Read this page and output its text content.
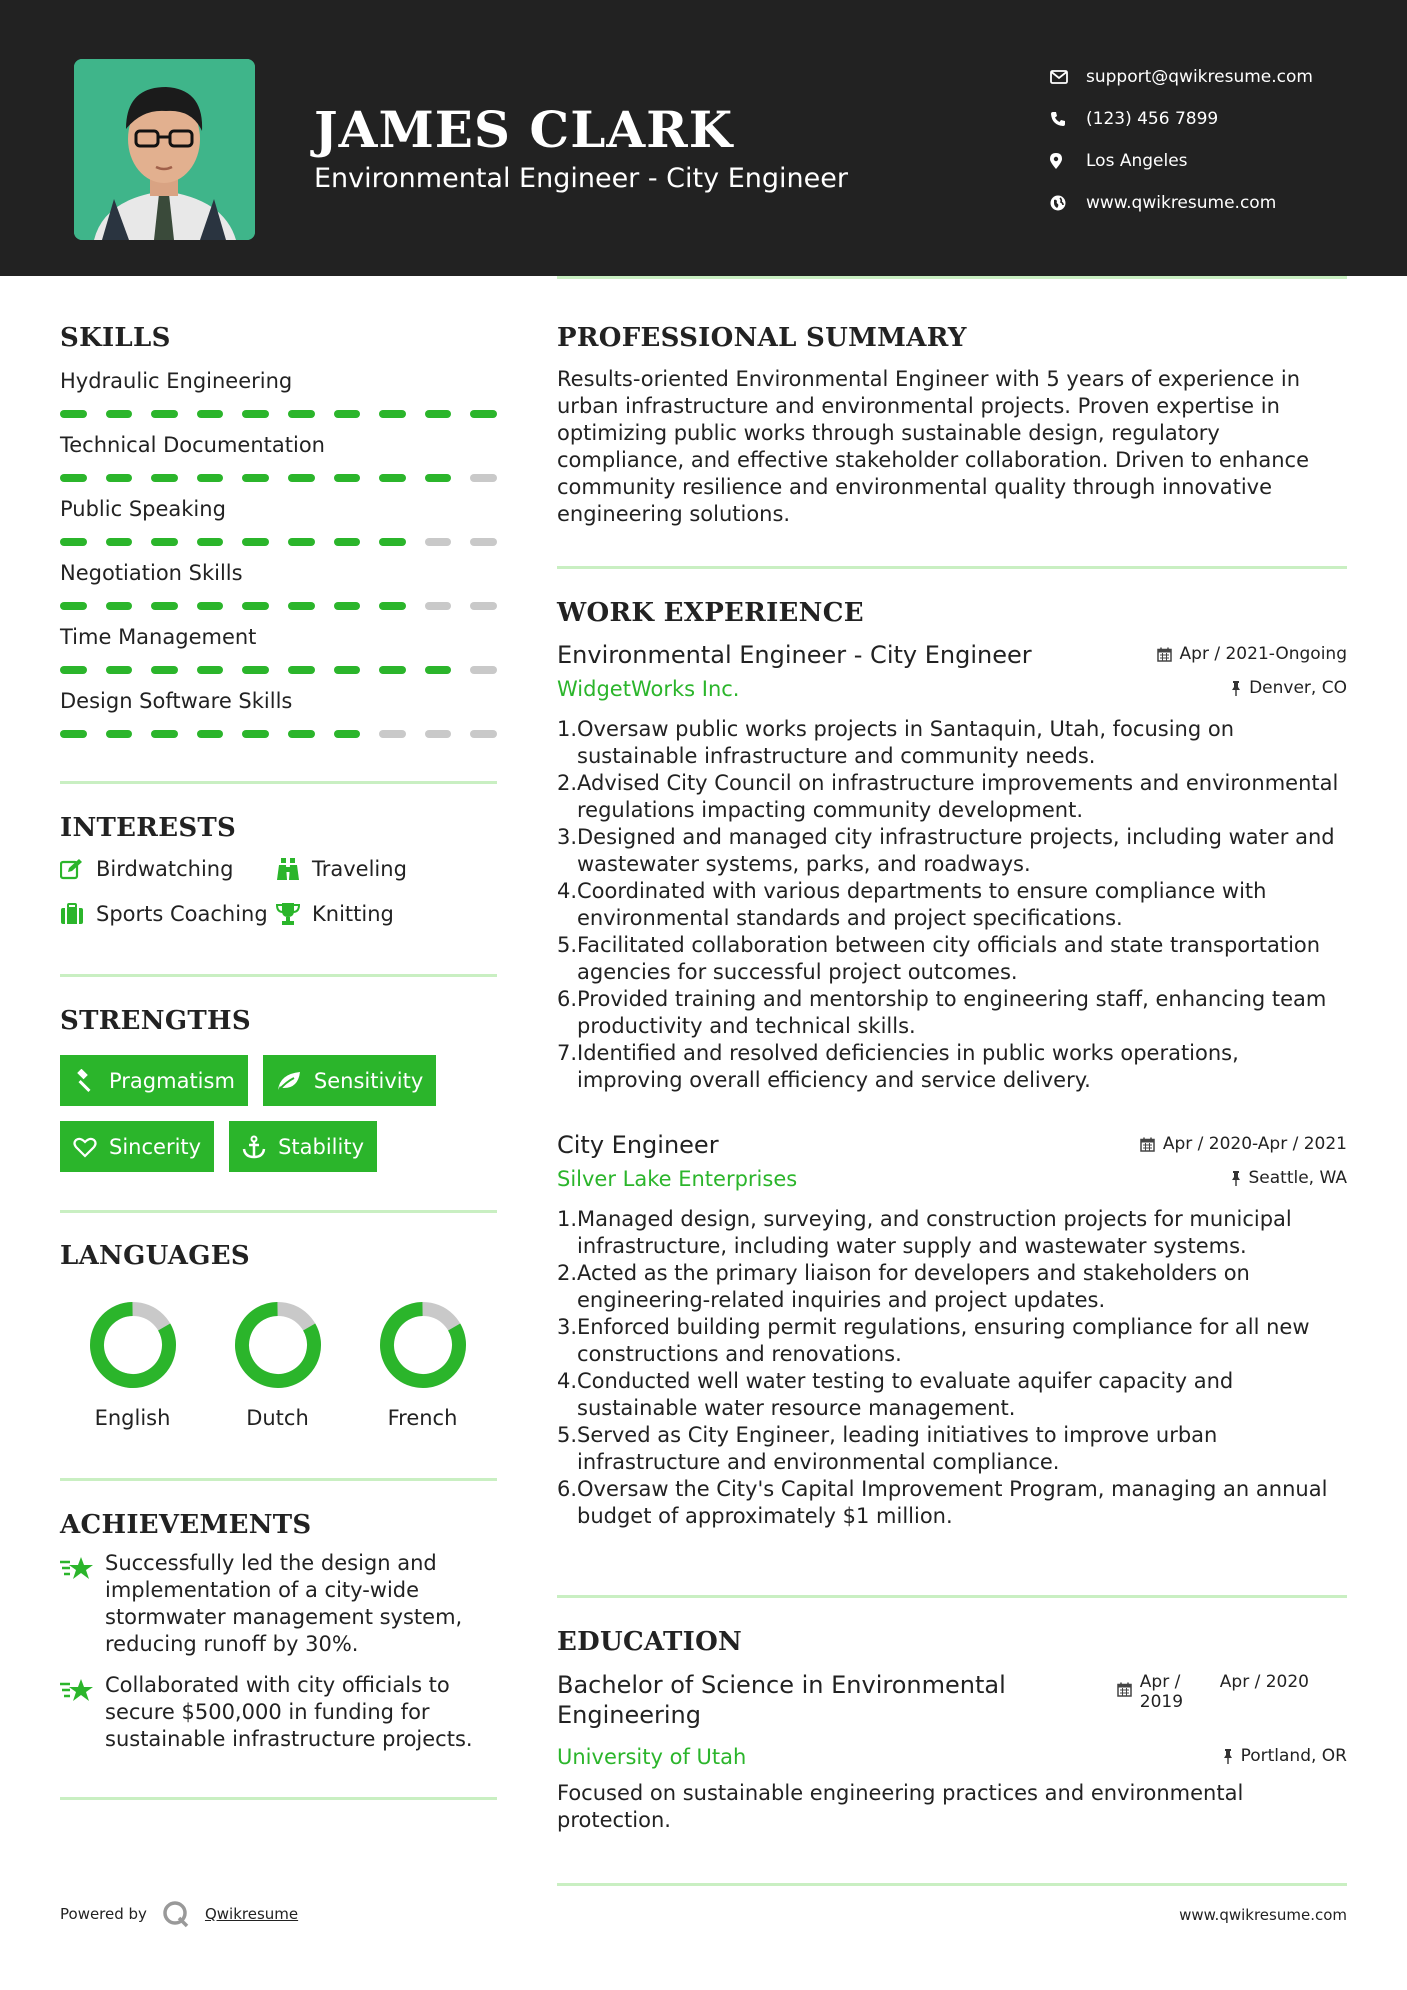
JAMES CLARK
Environmental Engineer - City Engineer
support@qwikresume.com
(123) 456 7899
Los Angeles
www.qwikresume.com
SKILLS
Hydraulic Engineering
Technical Documentation
Public Speaking
Negotiation Skills
Time Management
Design Software Skills
INTERESTS
Birdwatching	Traveling
Sports Coaching Knitting
STRENGTHS
Pragmatism	Sensitivity
Sincerity	Stability
LANGUAGES
English	Dutch	French
ACHIEVEMENTS
Successfully led the design and implementation of a city-wide stormwater management system, reducing runoff by 30%.
Collaborated with city officials to secure $500,000 in funding for sustainable infrastructure projects.
PROFESSIONAL SUMMARY
Results-oriented Environmental Engineer with 5 years of experience in urban infrastructure and environmental projects. Proven expertise in optimizing public works through sustainable design, regulatory compliance, and effective stakeholder collaboration. Driven to enhance community resilience and environmental quality through innovative engineering solutions.
WORK EXPERIENCE
Environmental Engineer - City Engineer	Apr / 2021-Ongoing
WidgetWorks Inc.	Denver, CO
1. Oversaw public works projects in Santaquin, Utah, focusing on sustainable infrastructure and community needs.
2. Advised City Council on infrastructure improvements and environmental regulations impacting community development.
3. Designed and managed city infrastructure projects, including water and wastewater systems, parks, and roadways.
4. Coordinated with various departments to ensure compliance with environmental standards and project specifications.
5. Facilitated collaboration between city officials and state transportation agencies for successful project outcomes.
6. Provided training and mentorship to engineering staff, enhancing team productivity and technical skills.
7. Identified and resolved deficiencies in public works operations, improving overall efficiency and service delivery.
City Engineer	Apr / 2020-Apr / 2021
Silver Lake Enterprises	Seattle, WA
1. Managed design, surveying, and construction projects for municipal infrastructure, including water supply and wastewater systems.
2. Acted as the primary liaison for developers and stakeholders on engineering-related inquiries and project updates.
3. Enforced building permit regulations, ensuring compliance for all new constructions and renovations.
4. Conducted well water testing to evaluate aquifer capacity and sustainable water resource management.
5. Served as City Engineer, leading initiatives to improve urban infrastructure and environmental compliance.
6. Oversaw the City's Capital Improvement Program, managing an annual budget of approximately $1 million.
EDUCATION
Bachelor of Science in Environmental Engineering
Apr / 2019
Apr / 2020
University of Utah	Portland, OR
Focused on sustainable engineering practices and environmental protection.
Powered by	Qwikresume	www.qwikresume.com
